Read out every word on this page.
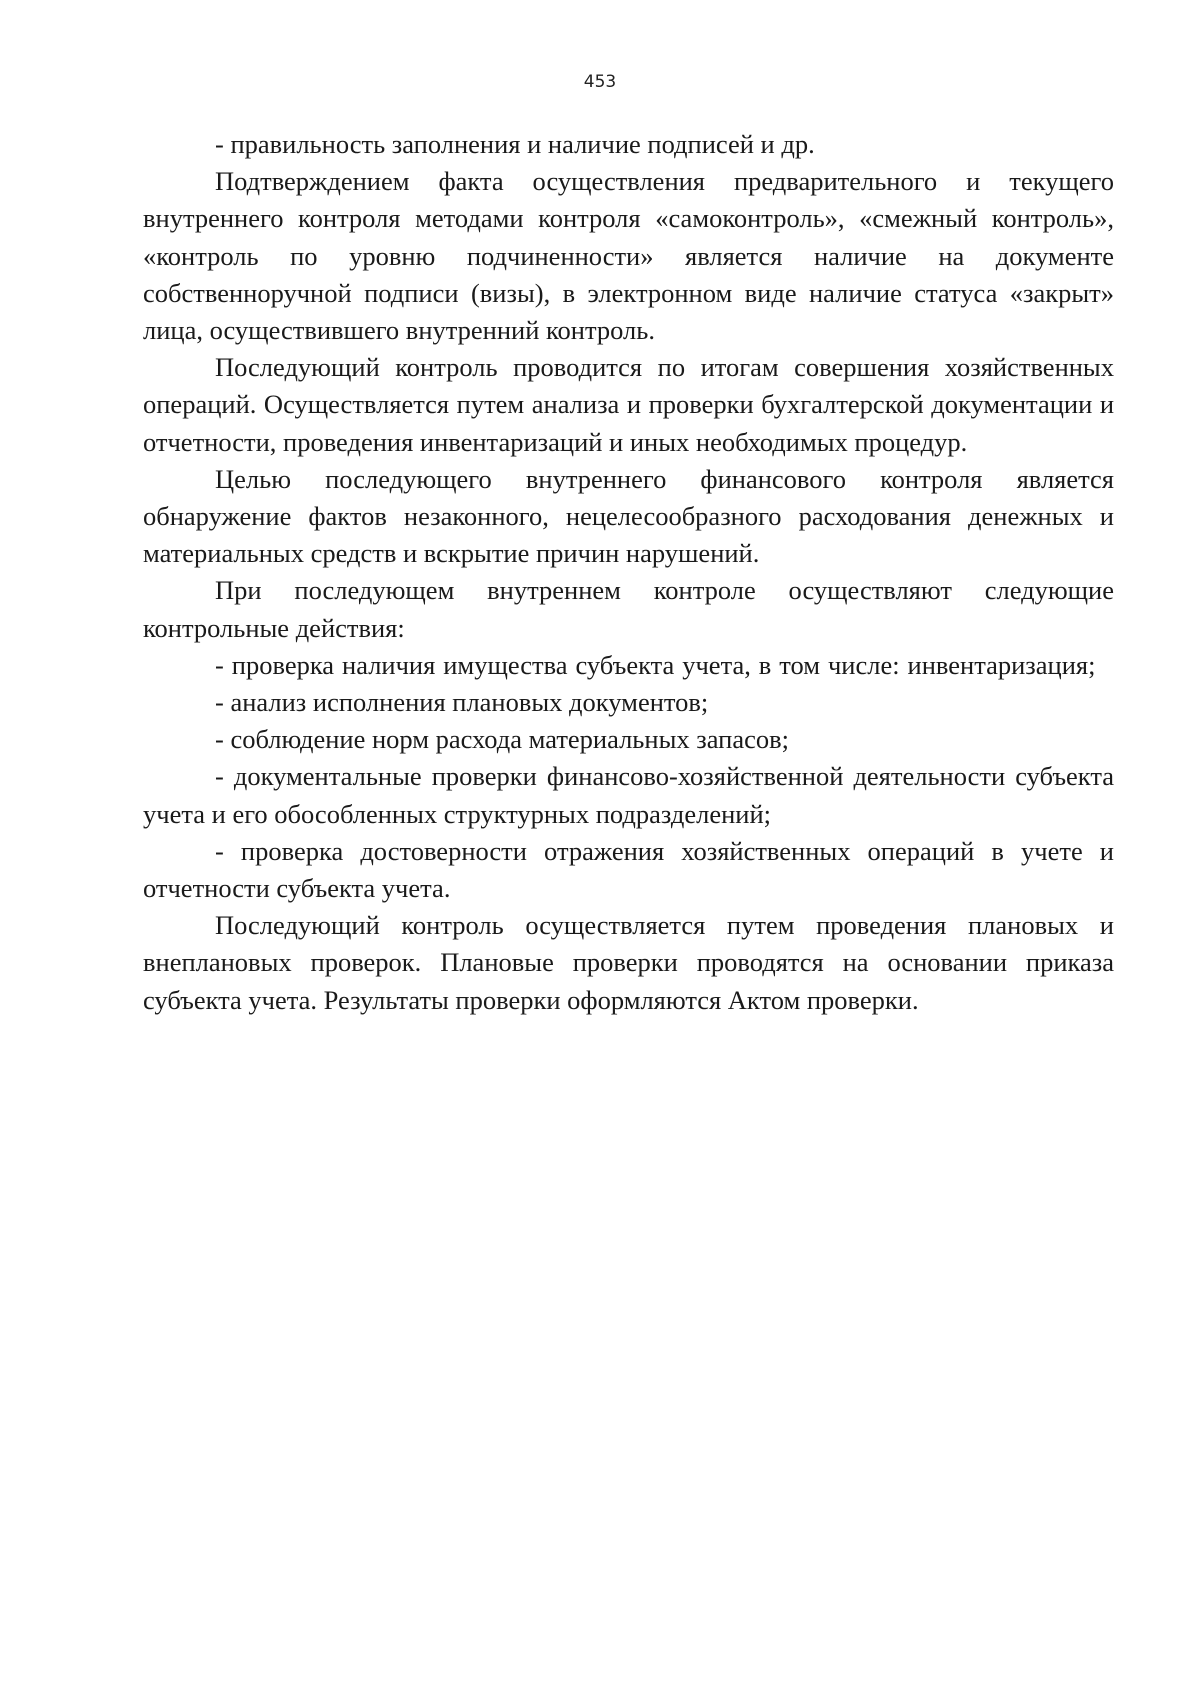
453

- правильность заполнения и наличие подписей и др.

Подтверждением факта осуществления предварительного и текущего внутреннего контроля методами контроля «самоконтроль», «смежный контроль», «контроль по уровню подчиненности» является наличие на документе собственноручной подписи (визы), в электронном виде наличие статуса «закрыт» лица, осуществившего внутренний контроль.

Последующий контроль проводится по итогам совершения хозяйственных операций. Осуществляется путем анализа и проверки бухгалтерской документации и отчетности, проведения инвентаризаций и иных необходимых процедур.

Целью последующего внутреннего финансового контроля является обнаружение фактов незаконного, нецелесообразного расходования денежных и материальных средств и вскрытие причин нарушений.

При последующем внутреннем контроле осуществляют следующие контрольные действия:

- проверка наличия имущества субъекта учета, в том числе: инвентаризация;

- анализ исполнения плановых документов;

- соблюдение норм расхода материальных запасов;

- документальные проверки финансово-хозяйственной деятельности субъекта учета и его обособленных структурных подразделений;

- проверка достоверности отражения хозяйственных операций в учете и отчетности субъекта учета.

Последующий контроль осуществляется путем проведения плановых и внеплановых проверок. Плановые проверки проводятся на основании приказа субъекта учета. Результаты проверки оформляются Актом проверки.
